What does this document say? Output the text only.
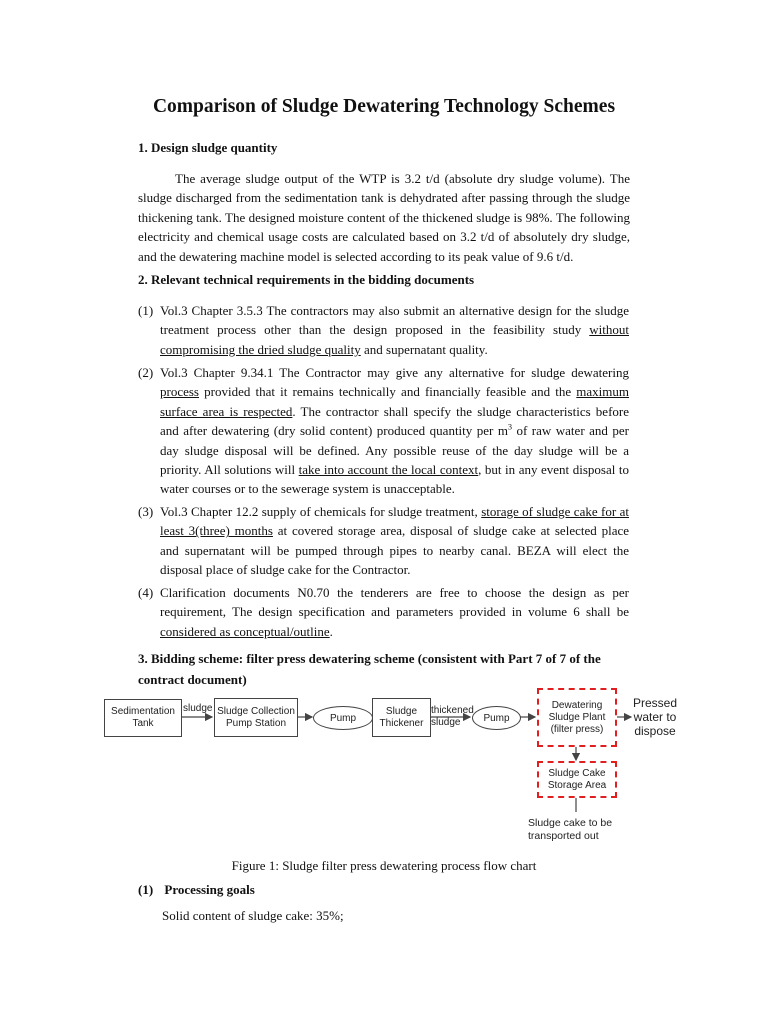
Comparison of Sludge Dewatering Technology Schemes
1. Design sludge quantity
The average sludge output of the WTP is 3.2 t/d (absolute dry sludge volume). The sludge discharged from the sedimentation tank is dehydrated after passing through the sludge thickening tank. The designed moisture content of the thickened sludge is 98%. The following electricity and chemical usage costs are calculated based on 3.2 t/d of absolutely dry sludge, and the dewatering machine model is selected according to its peak value of 9.6 t/d.
2. Relevant technical requirements in the bidding documents
(1) Vol.3 Chapter 3.5.3 The contractors may also submit an alternative design for the sludge treatment process other than the design proposed in the feasibility study without compromising the dried sludge quality and supernatant quality.
(2) Vol.3 Chapter 9.34.1 The Contractor may give any alternative for sludge dewatering process provided that it remains technically and financially feasible and the maximum surface area is respected. The contractor shall specify the sludge characteristics before and after dewatering (dry solid content) produced quantity per $m^3$ of raw water and per day sludge disposal will be defined. Any possible reuse of the day sludge will be a priority. All solutions will take into account the local context, but in any event disposal to water courses or to the sewerage system is unacceptable.
(3) Vol.3 Chapter 12.2 supply of chemicals for sludge treatment, storage of sludge cake for at least 3(three) months at covered storage area, disposal of sludge cake at selected place and supernatant will be pumped through pipes to nearby canal. BEZA will elect the disposal place of sludge cake for the Contractor.
(4) Clarification documents N0.70 the tenderers are free to choose the design as per requirement, The design specification and parameters provided in volume 6 shall be considered as conceptual/outline.
3. Bidding scheme: filter press dewatering scheme (consistent with Part 7 of 7 of the contract document)
Sedimentation Tank
sludge Sludge Collection Pump Station	Pump
Sludge Thickener
thickened sludge	Pump
Dewatering Sludge Plant (filter press)
Pressed water to dispose
Sludge Cake Storage Area
Sludge cake to be transported out
Figure 1: Sludge filter press dewatering process flow chart
(1) Processing goals
Solid content of sludge cake: 35%;
